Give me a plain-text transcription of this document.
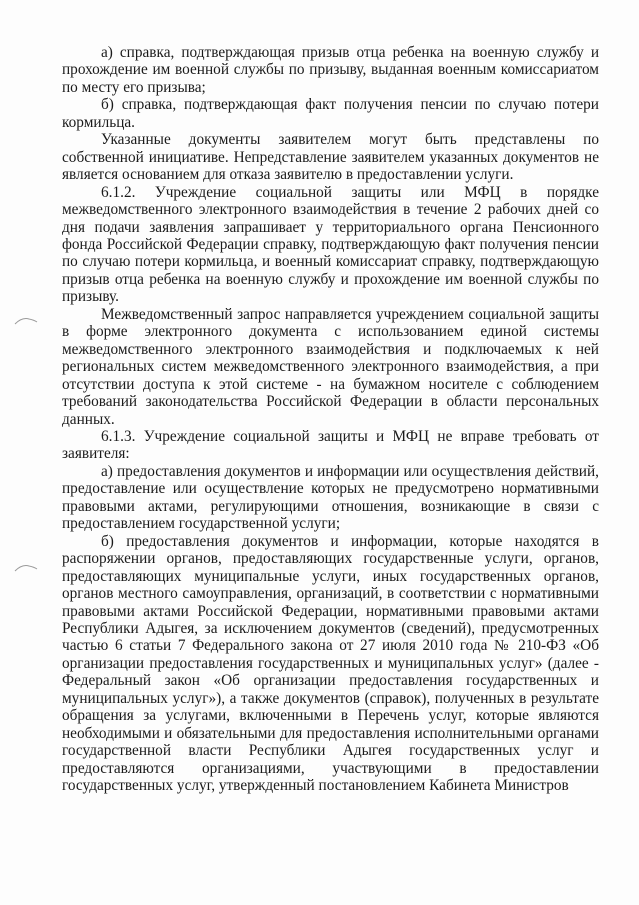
а) справка, подтверждающая призыв отца ребенка на военную службу и прохождение им военной службы по призыву, выданная военным комиссариатом по месту его призыва;

б) справка, подтверждающая факт получения пенсии по случаю потери кормильца.

Указанные документы заявителем могут быть представлены по собственной инициативе. Непредставление заявителем указанных документов не является основанием для отказа заявителю в предоставлении услуги.

6.1.2. Учреждение социальной защиты или МФЦ в порядке межведомственного электронного взаимодействия в течение 2 рабочих дней со дня подачи заявления запрашивает у территориального органа Пенсионного фонда Российской Федерации справку, подтверждающую факт получения пенсии по случаю потери кормильца, и военный комиссариат справку, подтверждающую призыв отца ребенка на военную службу и прохождение им военной службы по призыву.

Межведомственный запрос направляется учреждением социальной защиты в форме электронного документа с использованием единой системы межведомственного электронного взаимодействия и подключаемых к ней региональных систем межведомственного электронного взаимодействия, а при отсутствии доступа к этой системе - на бумажном носителе с соблюдением требований законодательства Российской Федерации в области персональных данных.

6.1.3. Учреждение социальной защиты и МФЦ не вправе требовать от заявителя:

а) предоставления документов и информации или осуществления действий, предоставление или осуществление которых не предусмотрено нормативными правовыми актами, регулирующими отношения, возникающие в связи с предоставлением государственной услуги;

б) предоставления документов и информации, которые находятся в распоряжении органов, предоставляющих государственные услуги, органов, предоставляющих муниципальные услуги, иных государственных органов, органов местного самоуправления, организаций, в соответствии с нормативными правовыми актами Российской Федерации, нормативными правовыми актами Республики Адыгея, за исключением документов (сведений), предусмотренных частью 6 статьи 7 Федерального закона от 27 июля 2010 года № 210-ФЗ «Об организации предоставления государственных и муниципальных услуг» (далее - Федеральный закон «Об организации предоставления государственных и муниципальных услуг»), а также документов (справок), полученных в результате обращения за услугами, включенными в Перечень услуг, которые являются необходимыми и обязательными для предоставления исполнительными органами государственной власти Республики Адыгея государственных услуг и предоставляются организациями, участвующими в предоставлении государственных услуг, утвержденный постановлением Кабинета Министров
